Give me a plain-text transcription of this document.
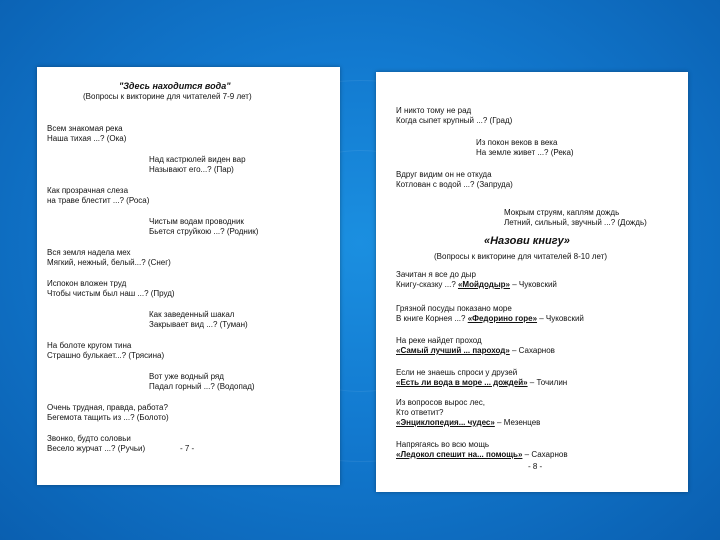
"Здесь находится вода"
(Вопросы к викторине для читателей 7-9 лет)
Всем знакомая река
Наша тихая ...? (Ока)
Над кастрюлей виден вар
Называют его...? (Пар)
Как прозрачная слеза
на траве блестит ...? (Роса)
Чистым водам проводник
Бьется струйкою ...? (Родник)
Вся земля надела мех
Мягкий, нежный, белый...? (Снег)
Испокон вложен труд
Чтобы чистым был наш ...? (Пруд)
Как заведенный шакал
Закрывает вид ...? (Туман)
На болоте кругом тина
Страшно булькает...? (Трясина)
Вот уже водный ряд
Падал горный ...? (Водопад)
Очень трудная, правда, работа?
Бегемота тащить из ...? (Болото)
Звонко, будто соловьи
Весело журчат ...? (Ручьи)	- 7 -
И никто тому не рад
Когда сыпет крупный ...? (Град)
Из покон веков в века
На земле живет ...? (Река)
Вдруг видим он не откуда
Котлован с водой ...? (Запруда)
Мокрым струям, каплям дождь
Летний, сильный, звучный ...? (Дождь)
«Назови книгу»
(Вопросы к викторине для читателей 8-10 лет)
Зачитан я все до дыр
Книгу-сказку ...? «Мойдодыр» – Чуковский
Грязной посуды показано море
В книге Корнея ...? «Федорино горе» – Чуковский
На реке найдет проход
«Самый лучший ... пароход» – Сахарнов
Если не знаешь спроси у друзей
«Есть ли вода в море ... дождей» – Точилин
Из вопросов вырос лес,
Кто ответит?
«Энциклопедия... чудес» – Мезенцев
Напрягаясь во всю мощь
«Ледокол спешит на... помощь» – Сахарнов
- 8 -
